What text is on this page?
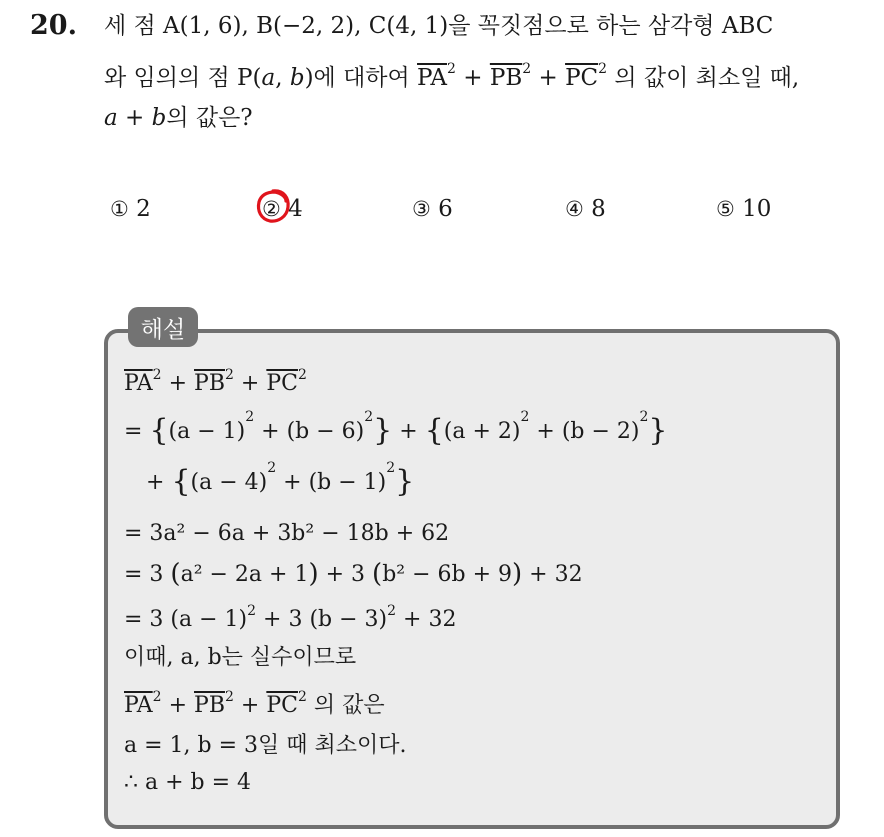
20. 세 점 A(1, 6), B(−2, 2), C(4, 1)을 꼭짓점으로 하는 삼각형 ABC
와 임의의 점 P(a, b)에 대하여 $\overline{PA}^2 + \overline{PB}^2 + \overline{PC}^2$ 의 값이 최소일 때,
a + b의 값은?
① 2	② 4	③ 6	④ 8	⑤ 10
해설
$\overline{PA}^2 + \overline{PB}^2 + \overline{PC}^2$
= $\{(a - 1)^2 + (b - 6)^2\} + \{(a + 2)^2 + (b - 2)^2\}$
+ $\{(a - 4)^2 + (b - 1)^2\}$
= 3a² − 6a + 3b² − 18b + 62
= 3 (a² − 2a + 1) + 3 (b² − 6b + 9) + 32
= 3 $(a - 1)^2 + 3$ $(b - 3)^2 + 32$
이때, a, b는 실수이므로
$\overline{PA}^2 + \overline{PB}^2 + \overline{PC}^2$ 의 값은
a = 1, b = 3일 때 최소이다.
∴ a + b = 4
